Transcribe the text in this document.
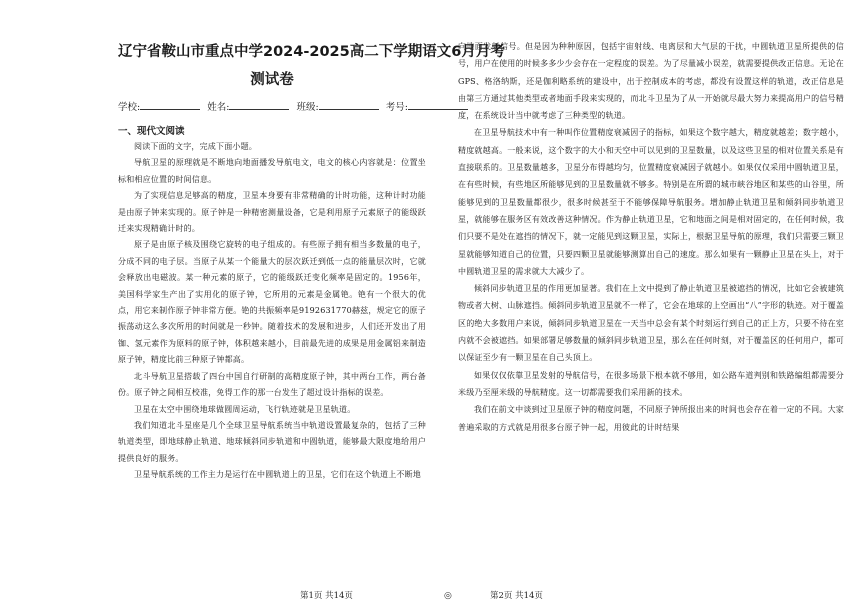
辽宁省鞍山市重点中学2024-2025高二下学期语文6月月考

测试卷

学校:	姓名:	班级:	考号:
一、现代文阅读

阅读下面的文字，完成下面小题。

导航卫星的原理就是不断地向地面播发导航电文，电文的核心内容就是：位置坐标和相应位置的时间信息。

为了实现信息足够高的精度，卫星本身要有非常精确的计时功能，这种计时功能是由原子钟来实现的。原子钟是一种精密测量设备，它是利用原子元素原子的能级跃迁来实现精确计时的。

原子是由原子核及围绕它旋转的电子组成的。有些原子拥有相当多数量的电子，分成不同的电子层。当原子从某一个能量大的层次跃迁到低一点的能量层次时，它就会释放出电磁波。某一种元素的原子，它的能级跃迁变化频率是固定的。1956年，美国科学家生产出了实用化的原子钟，它所用的元素是金属铯。铯有一个很大的优点，用它来制作原子钟非常方便。铯的共振频率是9192631770赫兹，规定它的原子振荡动这么多次所用的时间就是一秒钟。随着技术的发展和进步，人们还开发出了用铷、氢元素作为原料的原子钟，体积越来越小，目前最先进的成果是用金属铝来制造原子钟，精度比前三种原子钟都高。

北斗导航卫星搭载了四台中国自行研制的高精度原子钟，其中两台工作，两台备份。原子钟之间相互校准，免得工作的那一台发生了超过设计指标的误差。

卫星在太空中围绕地球做圆周运动，飞行轨迹就是卫星轨道。

我们知道北斗星座是几个全球卫星导航系统当中轨道设置最复杂的，包括了三种轨道类型，即地球静止轨道、地球倾斜同步轨道和中圆轨道，能够最大限度地给用户提供良好的服务。

卫星导航系统的工作主力是运行在中圆轨道上的卫星，它们在这个轨道上不断地

向地面发射信号。但是因为种种原因，包括宇宙射线、电离层和大气层的干扰，中圆轨道卫星所提供的信号，用户在使用的时候多多少少会存在一定程度的误差。为了尽量减小误差，就需要提供改正信息。无论在GPS、格洛纳斯，还是伽利略系统的建设中，出于控制成本的考虑，都没有设置这样的轨道，改正信息是由第三方通过其他类型或者地面手段来实现的，而北斗卫星为了从一开始就尽最大努力来提高用户的信号精度，在系统设计当中就考虑了三种类型的轨道。

在卫星导航技术中有一种叫作位置精度衰减因子的指标，如果这个数字越大，精度就越差；数字越小，精度就越高。一般来说，这个数字的大小和天空中可以见到的卫星数量，以及这些卫星的相对位置关系是有直接联系的。卫星数量越多，卫星分布得越均匀，位置精度衰减因子就越小。如果仅仅采用中圆轨道卫星，在有些时候，有些地区所能够见到的卫星数量就不够多。特别是在所谓的城市峡谷地区和某些的山谷里，所能够见到的卫星数量都很少，很多时候甚至于不能够保障导航服务。增加静止轨道卫星和倾斜同步轨道卫星，就能够在服务区有效改善这种情况。作为静止轨道卫星，它和地面之间是相对固定的，在任何时候，我们只要不是处在遮挡的情况下，就一定能见到这颗卫星，实际上，根据卫星导航的原理，我们只需要三颗卫星就能够知道自己的位置，只要四颗卫星就能够测算出自己的速度。那么如果有一颗静止卫星在头上，对于中圆轨道卫星的需求就大大减少了。

倾斜同步轨道卫星的作用更加显著。我们在上文中提到了静止轨道卫星被遮挡的情况，比如它会被建筑物或者大树、山脉遮挡。倾斜同步轨道卫星就不一样了，它会在地球的上空画出“八”字形的轨迹。对于覆盖区的绝大多数用户来说，倾斜同步轨道卫星在一天当中总会有某个时刻运行到自己的正上方，只要不待在室内就不会被遮挡。如果部署足够数量的倾斜同步轨道卫星，那么在任何时刻，对于覆盖区的任何用户，都可以保证至少有一颗卫星在自己头顶上。

如果仅仅依靠卫星发射的导航信号，在很多场景下根本就不够用，如公路车道判别和铁路编组都需要分米级乃至厘米级的导航精度。这一切都需要我们采用新的技术。

我们在前文中谈到过卫星原子钟的精度问题，不同原子钟所报出来的时间也会存在着一定的不同。大家普遍采取的方式就是用很多台原子钟一起，用彼此的计时结果

第1页 共14页	◎	第2页 共14页
